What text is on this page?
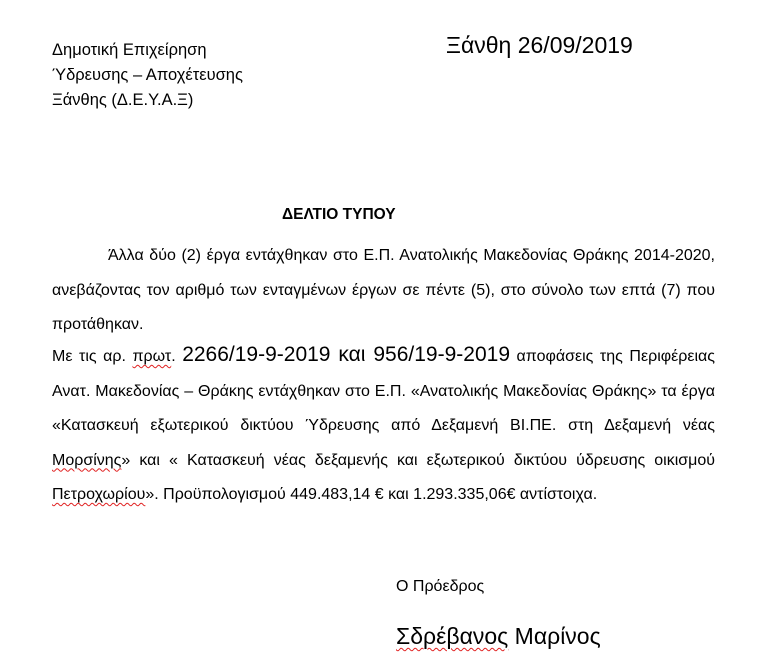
Δημοτική Επιχείρηση
Ύδρευσης – Αποχέτευσης
Ξάνθης (Δ.Ε.Υ.Α.Ξ)
Ξάνθη 26/09/2019
ΔΕΛΤΙΟ ΤΥΠΟΥ
Άλλα δύο (2) έργα εντάχθηκαν στο Ε.Π. Ανατολικής Μακεδονίας Θράκης 2014-2020, ανεβάζοντας τον αριθμό των ενταγμένων έργων σε πέντε (5), στο σύνολο των επτά (7) που προτάθηκαν.
Με τις αρ. πρωτ. 2266/19-9-2019 και 956/19-9-2019 αποφάσεις της Περιφέρειας Ανατ. Μακεδονίας – Θράκης εντάχθηκαν στο Ε.Π. «Ανατολικής Μακεδονίας Θράκης» τα έργα «Κατασκευή εξωτερικού δικτύου Ύδρευσης από Δεξαμενή ΒΙ.ΠΕ. στη Δεξαμενή νέας Μορσίνης» και « Κατασκευή νέας δεξαμενής και εξωτερικού δικτύου ύδρευσης οικισμού Πετροχωρίου». Προϋπολογισμού 449.483,14 € και 1.293.335,06€ αντίστοιχα.
Ο Πρόεδρος
Σδρέβανος Μαρίνος
